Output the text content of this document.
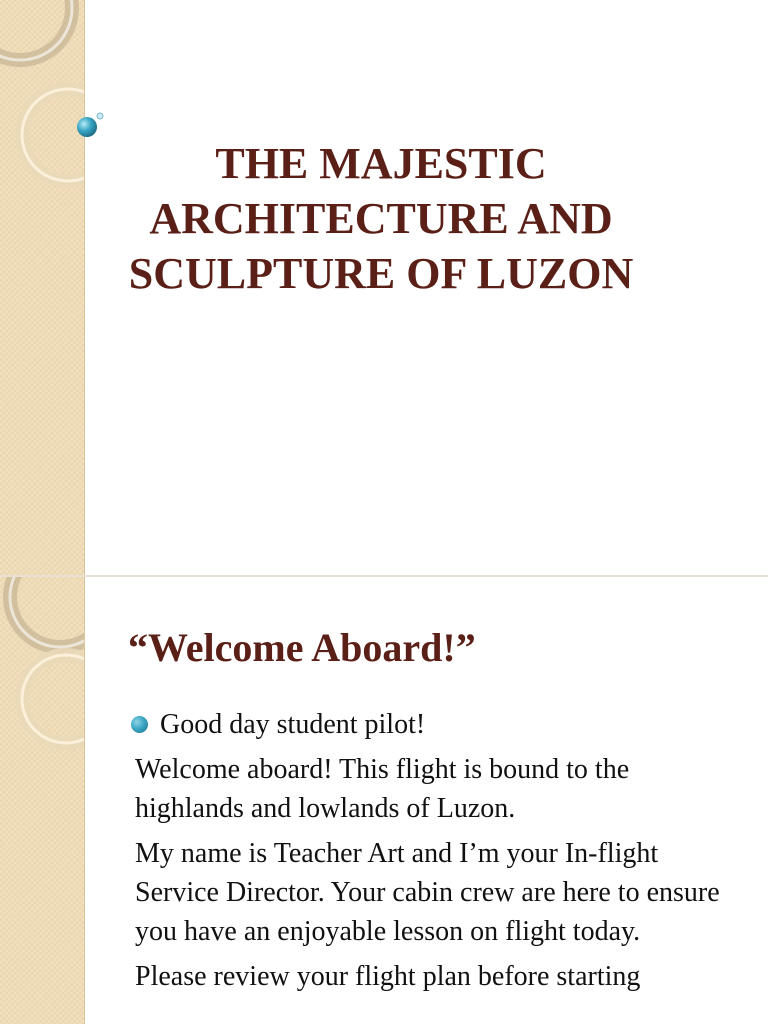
THE MAJESTIC
ARCHITECTURE AND
SCULPTURE OF LUZON
“Welcome Aboard!”

Good day student pilot!

Welcome aboard! This flight is bound to the highlands and lowlands of Luzon.

My name is Teacher Art and I’m your In-flight Service Director. Your cabin crew are here to ensure you have an enjoyable lesson on flight today.

Please review your flight plan before starting
